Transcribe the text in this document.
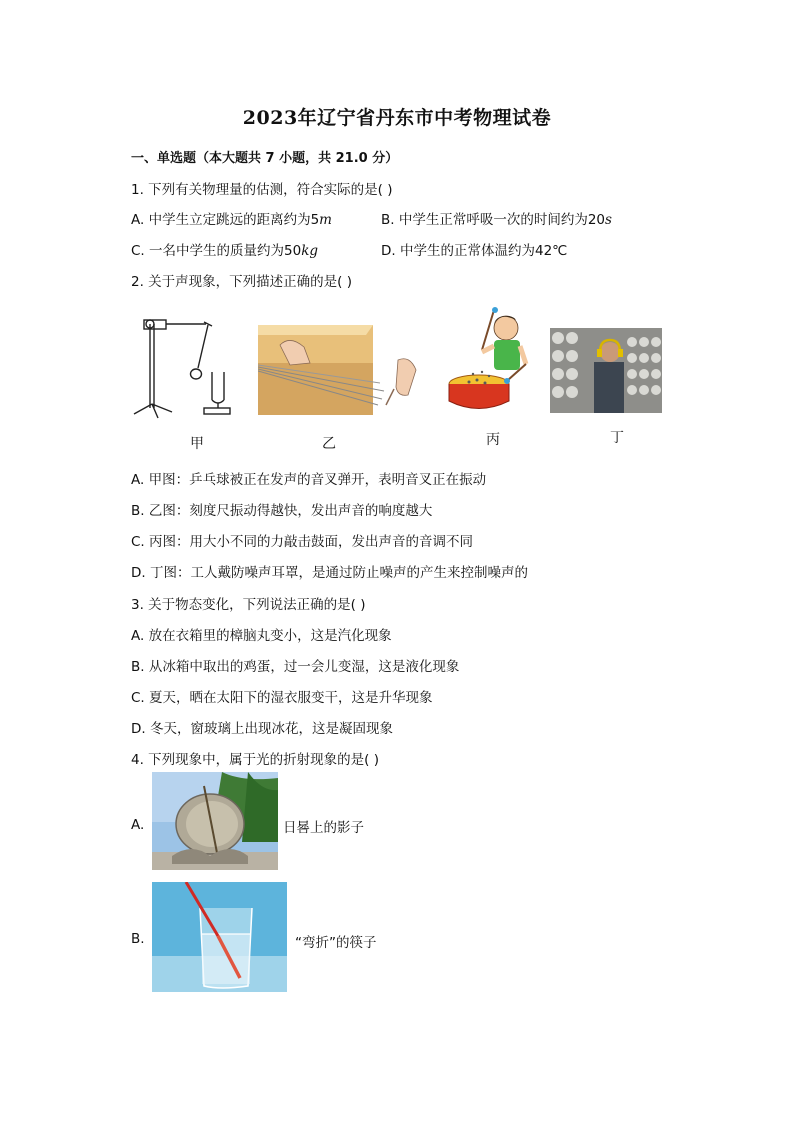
2023年辽宁省丹东市中考物理试卷
一、单选题（本大题共 7 小题，共 21.0 分）
1. 下列有关物理量的估测，符合实际的是( )
A. 中学生立定跳远的距离约为5m	B. 中学生正常呼吸一次的时间约为20s
C. 一名中学生的质量约为50kg	D. 中学生的正常体温约为42℃
2. 关于声现象，下列描述正确的是( )
甲	乙	丙	丁
A. 甲图：乒乓球被正在发声的音叉弹开，表明音叉正在振动
B. 乙图：刻度尺振动得越快，发出声音的响度越大
C. 丙图：用大小不同的力敲击鼓面，发出声音的音调不同
D. 丁图：工人戴防噪声耳罩，是通过防止噪声的产生来控制噪声的
3. 关于物态变化，下列说法正确的是( )
A. 放在衣箱里的樟脑丸变小，这是汽化现象
B. 从冰箱中取出的鸡蛋，过一会儿变湿，这是液化现象
C. 夏天，晒在太阳下的湿衣服变干，这是升华现象
D. 冬天，窗玻璃上出现冰花，这是凝固现象
4. 下列现象中，属于光的折射现象的是( )
A.	日晷上的影子
B.	“弯折”的筷子
